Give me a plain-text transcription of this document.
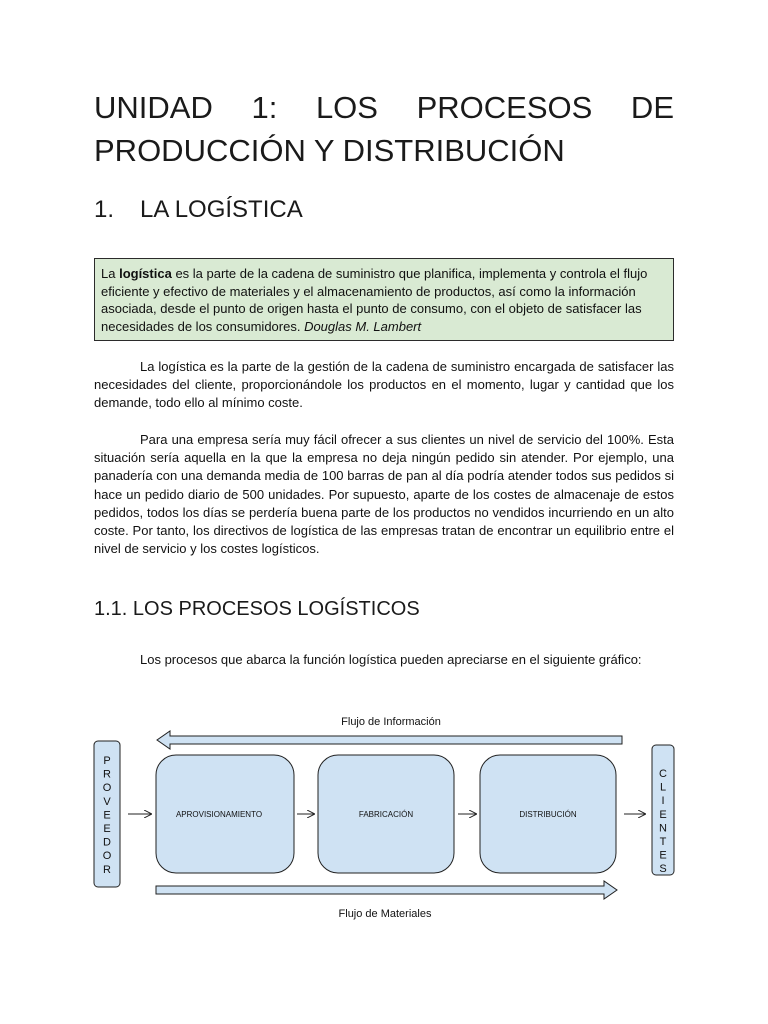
UNIDAD 1: LOS PROCESOS DE PRODUCCIÓN Y DISTRIBUCIÓN
1. LA LOGÍSTICA
La logística es la parte de la cadena de suministro que planifica, implementa y controla el flujo eficiente y efectivo de materiales y el almacenamiento de productos, así como la información asociada, desde el punto de origen hasta el punto de consumo, con el objeto de satisfacer las necesidades de los consumidores. Douglas M. Lambert

La logística es la parte de la gestión de la cadena de suministro encargada de satisfacer las necesidades del cliente, proporcionándole los productos en el momento, lugar y cantidad que los demande, todo ello al mínimo coste.

Para una empresa sería muy fácil ofrecer a sus clientes un nivel de servicio del 100%. Esta situación sería aquella en la que la empresa no deja ningún pedido sin atender. Por ejemplo, una panadería con una demanda media de 100 barras de pan al día podría atender todos sus pedidos si hace un pedido diario de 500 unidades. Por supuesto, aparte de los costes de almacenaje de estos pedidos, todos los días se perdería buena parte de los productos no vendidos incurriendo en un alto coste. Por tanto, los directivos de logística de las empresas tratan de encontrar un equilibrio entre el nivel de servicio y los costes logísticos.

1.1. LOS PROCESOS LOGÍSTICOS

Los procesos que abarca la función logística pueden apreciarse en el siguiente gráfico:

Flujo de Información
P
R
O
V
E
E
D
O
R
APROVISIONAMIENTO	FABRICACIÓN	DISTRIBUCIÓN
C
L
I
E
N
T
E
S
Flujo de Materiales
